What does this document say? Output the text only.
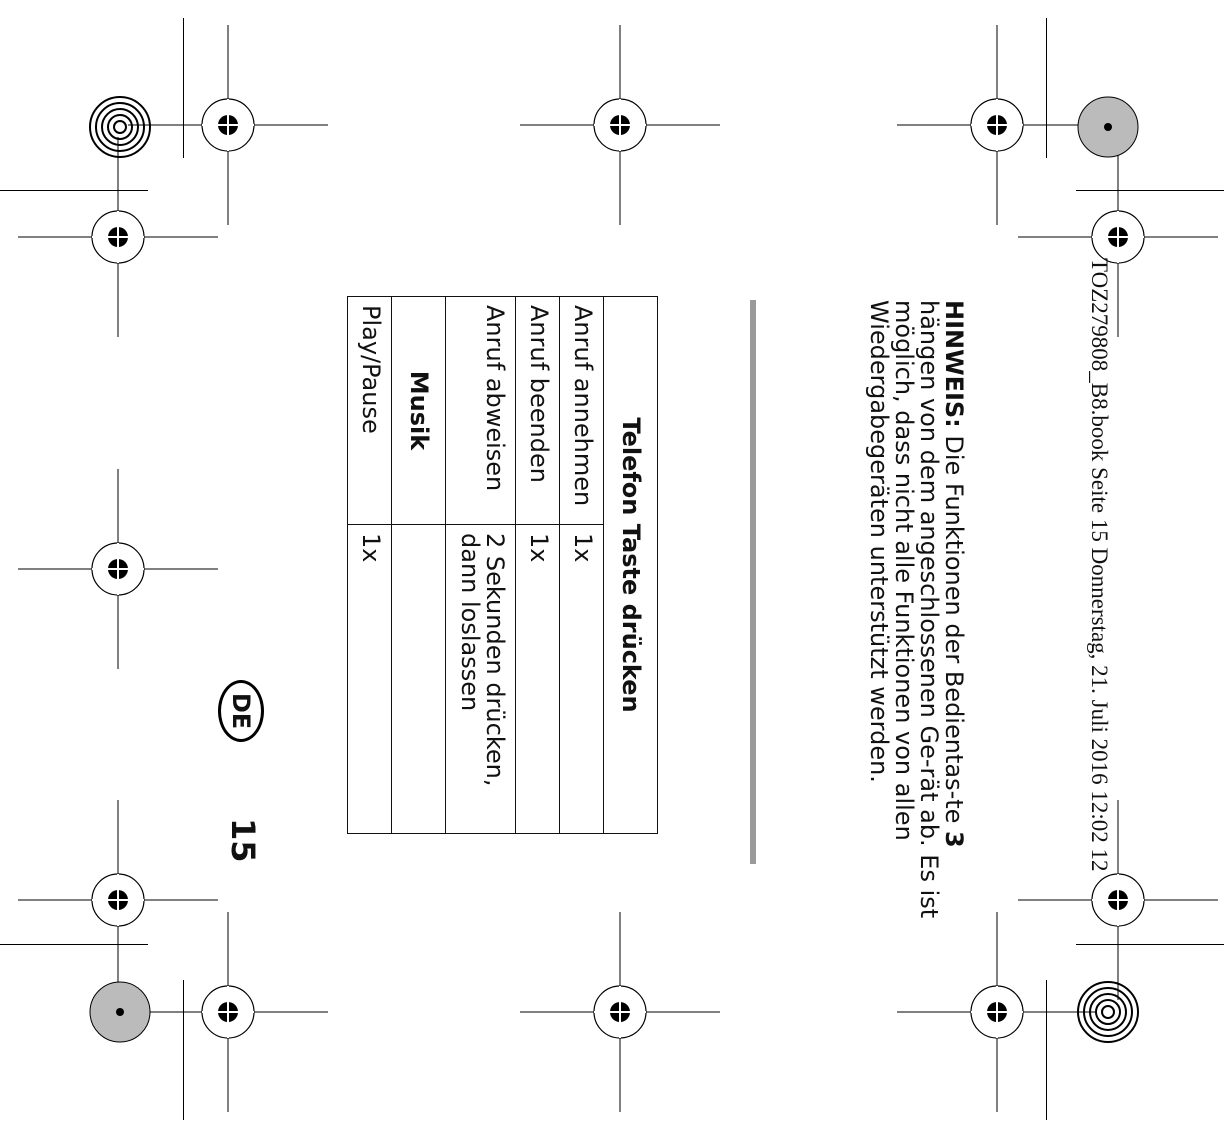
TOZ279808_B8.book Seite 15 Donnerstag, 21. Juli 2016 12:02 12
HINWEIS: Die Funktionen der Bedientas-te 3 hängen von dem angeschlossenen Ge-rät ab. Es ist möglich, dass nicht alle Funktionen von allen Wiedergabegeräten unterstützt werden.
Telefon Taste drücken	
Anruf annehmen	1x
Anruf beenden	1x
Anruf abweisen	2 Sekunden drücken, dann loslassen
Musik	
Play/Pause	1x
DE
15
